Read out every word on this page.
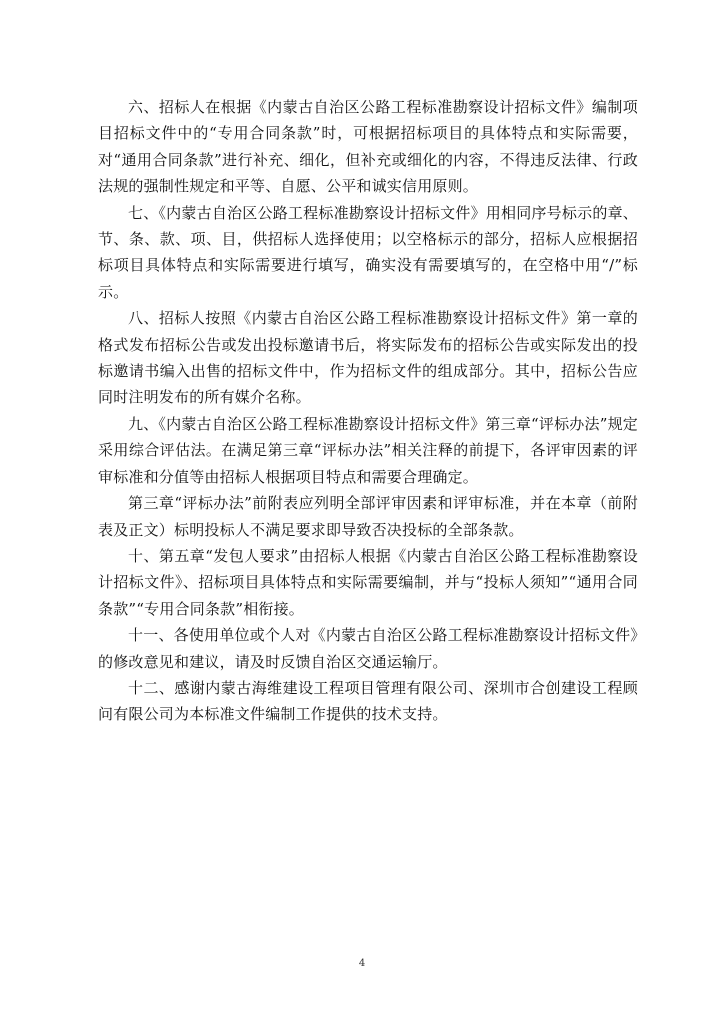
六、招标人在根据《内蒙古自治区公路工程标准勘察设计招标文件》编制项目招标文件中的“专用合同条款”时，可根据招标项目的具体特点和实际需要，对“通用合同条款”进行补充、细化，但补充或细化的内容，不得违反法律、行政法规的强制性规定和平等、自愿、公平和诚实信用原则。

七、《内蒙古自治区公路工程标准勘察设计招标文件》用相同序号标示的章、节、条、款、项、目，供招标人选择使用；以空格标示的部分，招标人应根据招标项目具体特点和实际需要进行填写，确实没有需要填写的，在空格中用“/”标示。

八、招标人按照《内蒙古自治区公路工程标准勘察设计招标文件》第一章的格式发布招标公告或发出投标邀请书后，将实际发布的招标公告或实际发出的投标邀请书编入出售的招标文件中，作为招标文件的组成部分。其中，招标公告应同时注明发布的所有媒介名称。

九、《内蒙古自治区公路工程标准勘察设计招标文件》第三章“评标办法”规定采用综合评估法。在满足第三章“评标办法”相关注释的前提下，各评审因素的评审标准和分值等由招标人根据项目特点和需要合理确定。

第三章“评标办法”前附表应列明全部评审因素和评审标准，并在本章（前附表及正文）标明投标人不满足要求即导致否决投标的全部条款。

十、第五章“发包人要求”由招标人根据《内蒙古自治区公路工程标准勘察设计招标文件》、招标项目具体特点和实际需要编制，并与“投标人须知”“通用合同条款”“专用合同条款”相衔接。

十一、各使用单位或个人对《内蒙古自治区公路工程标准勘察设计招标文件》的修改意见和建议，请及时反馈自治区交通运输厅。

十二、感谢内蒙古海维建设工程项目管理有限公司、深圳市合创建设工程顾问有限公司为本标准文件编制工作提供的技术支持。

4
